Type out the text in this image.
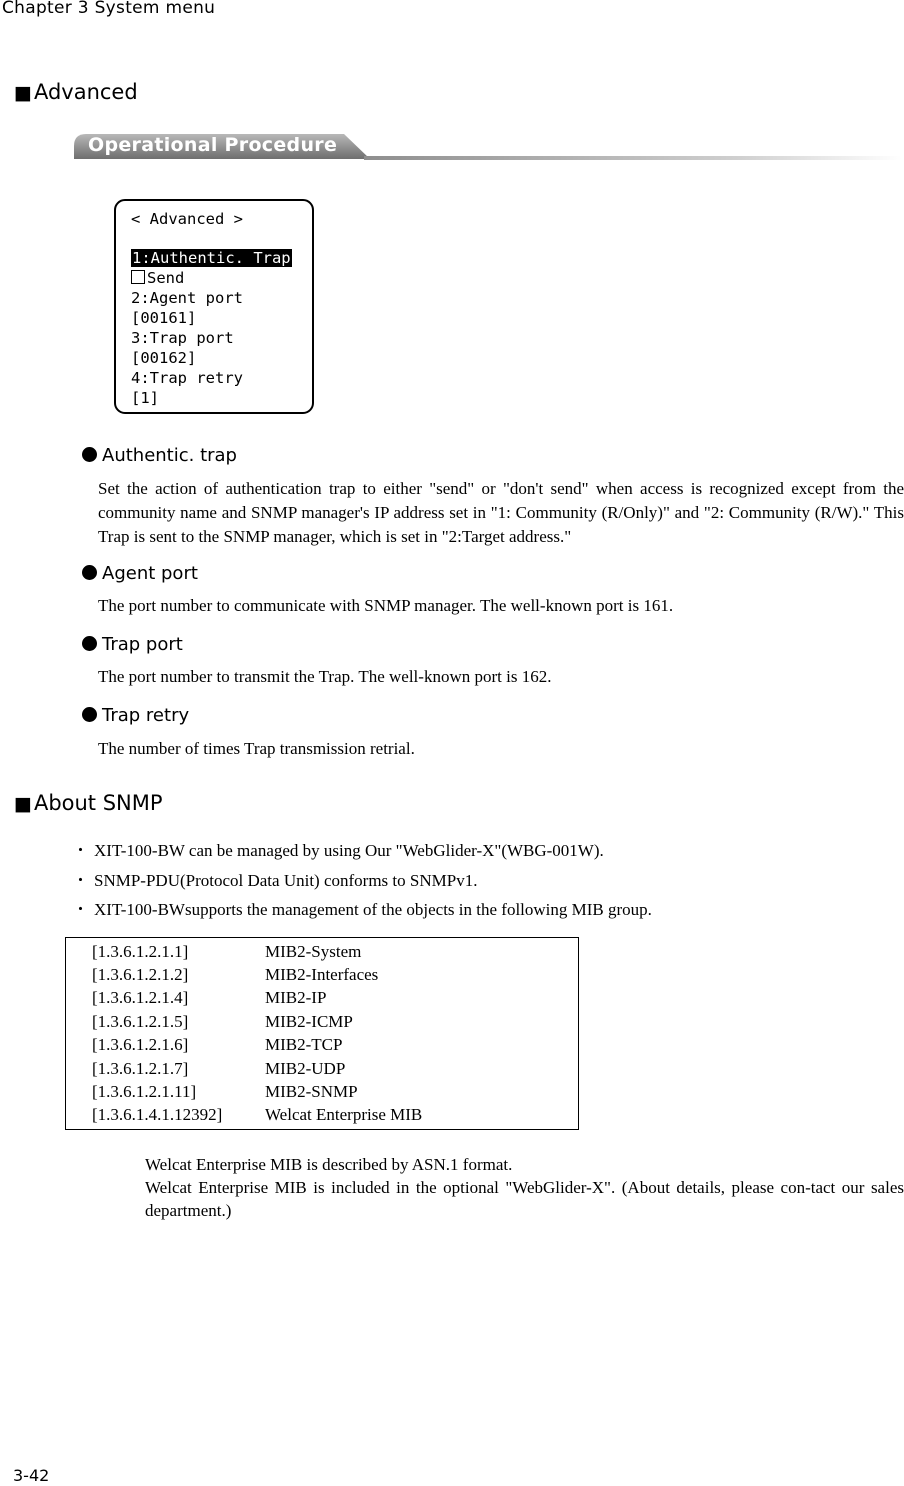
Chapter 3 System menu
■Advanced
Operational Procedure
< Advanced >
1:Authentic. Trap
Send
2:Agent port
[00161]
3:Trap port
[00162]
4:Trap retry
[1]
Authentic. trap
Set the action of authentication trap to either "send" or "don't send" when access is recognized except from the community name and SNMP manager's IP address set in "1: Community (R/Only)" and "2: Community (R/W)." This Trap is sent to the SNMP manager, which is set in "2:Target address."
Agent port
The port number to communicate with SNMP manager. The well-known port is 161.
Trap port
The port number to transmit the Trap. The well-known port is 162.
Trap retry
The number of times Trap transmission retrial.
■About SNMP
・ XIT-100-BW can be managed by using Our "WebGlider-X"(WBG-001W).
・ SNMP-PDU(Protocol Data Unit) conforms to SNMPv1.
・ XIT-100-BWsupports the management of the objects in the following MIB group.
[1.3.6.1.2.1.1]	MIB2-System
[1.3.6.1.2.1.2]	MIB2-Interfaces
[1.3.6.1.2.1.4]	MIB2-IP
[1.3.6.1.2.1.5]	MIB2-ICMP
[1.3.6.1.2.1.6]	MIB2-TCP
[1.3.6.1.2.1.7]	MIB2-UDP
[1.3.6.1.2.1.11]	MIB2-SNMP
[1.3.6.1.4.1.12392]	Welcat Enterprise MIB
Welcat Enterprise MIB is described by ASN.1 format.
Welcat Enterprise MIB is included in the optional "WebGlider-X". (About details, please con-tact our sales department.)
3-42
